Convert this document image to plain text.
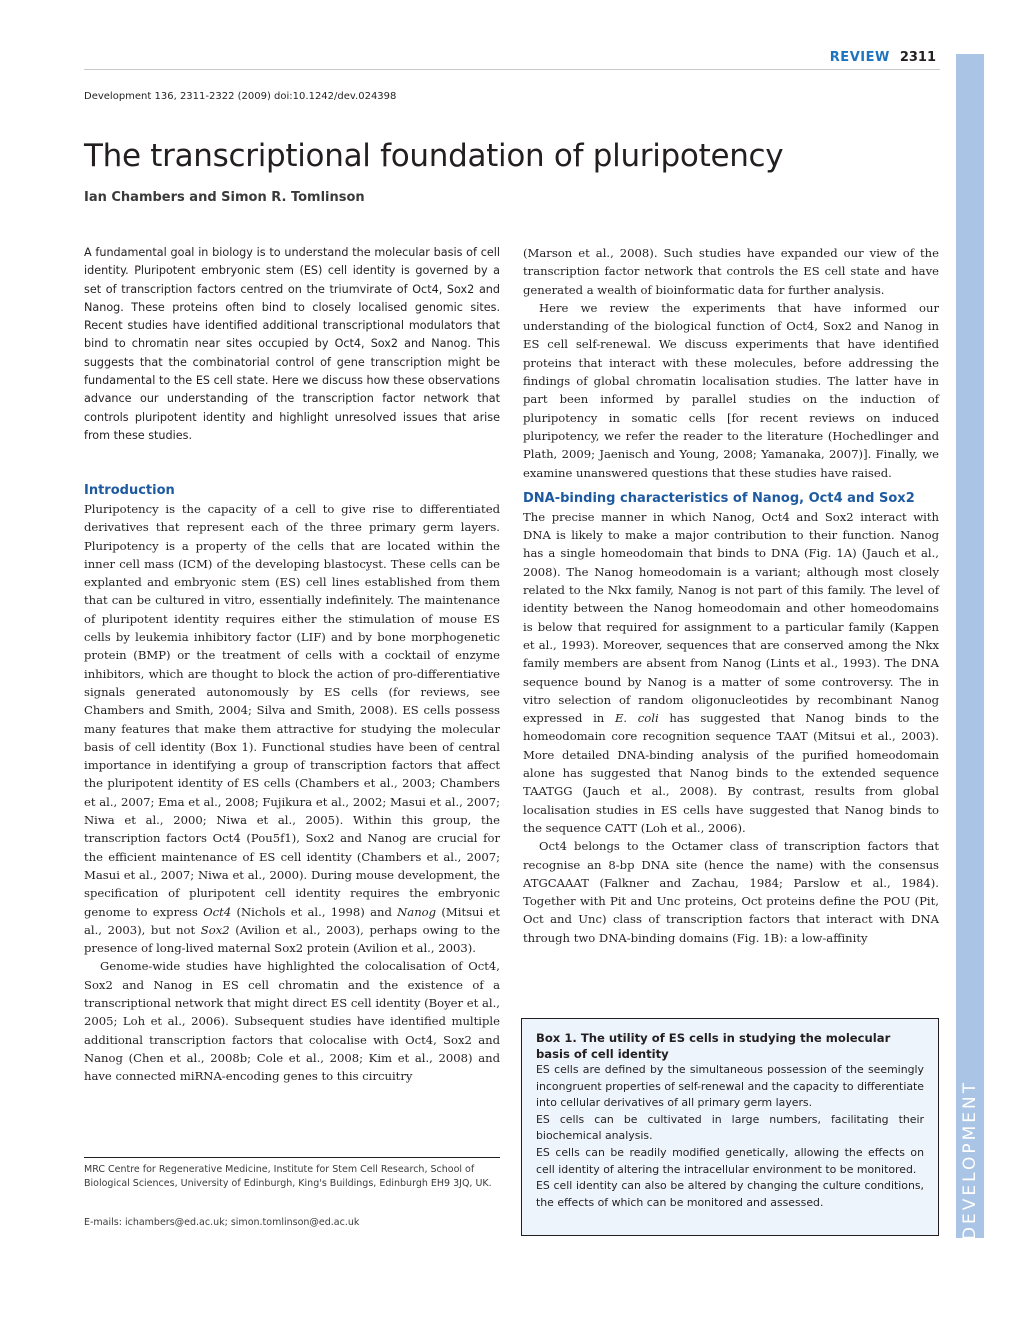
REVIEW 2311
DEVELOPMENT
Development 136, 2311-2322 (2009) doi:10.1242/dev.024398
The transcriptional foundation of pluripotency
Ian Chambers and Simon R. Tomlinson

A fundamental goal in biology is to understand the molecular basis of cell identity. Pluripotent embryonic stem (ES) cell identity is governed by a set of transcription factors centred on the triumvirate of Oct4, Sox2 and Nanog. These proteins often bind to closely localised genomic sites. Recent studies have identified additional transcriptional modulators that bind to chromatin near sites occupied by Oct4, Sox2 and Nanog. This suggests that the combinatorial control of gene transcription might be fundamental to the ES cell state. Here we discuss how these observations advance our understanding of the transcription factor network that controls pluripotent identity and highlight unresolved issues that arise from these studies.

Introduction

Pluripotency is the capacity of a cell to give rise to differentiated derivatives that represent each of the three primary germ layers. Pluripotency is a property of the cells that are located within the inner cell mass (ICM) of the developing blastocyst. These cells can be explanted and embryonic stem (ES) cell lines established from them that can be cultured in vitro, essentially indefinitely. The maintenance of pluripotent identity requires either the stimulation of mouse ES cells by leukemia inhibitory factor (LIF) and by bone morphogenetic protein (BMP) or the treatment of cells with a cocktail of enzyme inhibitors, which are thought to block the action of pro-differentiative signals generated autonomously by ES cells (for reviews, see Chambers and Smith, 2004; Silva and Smith, 2008). ES cells possess many features that make them attractive for studying the molecular basis of cell identity (Box 1). Functional studies have been of central importance in identifying a group of transcription factors that affect the pluripotent identity of ES cells (Chambers et al., 2003; Chambers et al., 2007; Ema et al., 2008; Fujikura et al., 2002; Masui et al., 2007; Niwa et al., 2000; Niwa et al., 2005). Within this group, the transcription factors Oct4 (Pou5f1), Sox2 and Nanog are crucial for the efficient maintenance of ES cell identity (Chambers et al., 2007; Masui et al., 2007; Niwa et al., 2000). During mouse development, the specification of pluripotent cell identity requires the embryonic genome to express Oct4 (Nichols et al., 1998) and Nanog (Mitsui et al., 2003), but not Sox2 (Avilion et al., 2003), perhaps owing to the presence of long-lived maternal Sox2 protein (Avilion et al., 2003).

Genome-wide studies have highlighted the colocalisation of Oct4, Sox2 and Nanog in ES cell chromatin and the existence of a transcriptional network that might direct ES cell identity (Boyer et al., 2005; Loh et al., 2006). Subsequent studies have identified multiple additional transcription factors that colocalise with Oct4, Sox2 and Nanog (Chen et al., 2008b; Cole et al., 2008; Kim et al., 2008) and have connected miRNA-encoding genes to this circuitry

MRC Centre for Regenerative Medicine, Institute for Stem Cell Research, School of Biological Sciences, University of Edinburgh, King's Buildings, Edinburgh EH9 3JQ, UK.
E-mails: ichambers@ed.ac.uk; simon.tomlinson@ed.ac.uk

(Marson et al., 2008). Such studies have expanded our view of the transcription factor network that controls the ES cell state and have generated a wealth of bioinformatic data for further analysis.

Here we review the experiments that have informed our understanding of the biological function of Oct4, Sox2 and Nanog in ES cell self-renewal. We discuss experiments that have identified proteins that interact with these molecules, before addressing the findings of global chromatin localisation studies. The latter have in part been informed by parallel studies on the induction of pluripotency in somatic cells [for recent reviews on induced pluripotency, we refer the reader to the literature (Hochedlinger and Plath, 2009; Jaenisch and Young, 2008; Yamanaka, 2007)]. Finally, we examine unanswered questions that these studies have raised.

DNA-binding characteristics of Nanog, Oct4 and Sox2

The precise manner in which Nanog, Oct4 and Sox2 interact with DNA is likely to make a major contribution to their function. Nanog has a single homeodomain that binds to DNA (Fig. 1A) (Jauch et al., 2008). The Nanog homeodomain is a variant; although most closely related to the Nkx family, Nanog is not part of this family. The level of identity between the Nanog homeodomain and other homeodomains is below that required for assignment to a particular family (Kappen et al., 1993). Moreover, sequences that are conserved among the Nkx family members are absent from Nanog (Lints et al., 1993). The DNA sequence bound by Nanog is a matter of some controversy. The in vitro selection of random oligonucleotides by recombinant Nanog expressed in E. coli has suggested that Nanog binds to the homeodomain core recognition sequence TAAT (Mitsui et al., 2003). More detailed DNA-binding analysis of the purified homeodomain alone has suggested that Nanog binds to the extended sequence TAATGG (Jauch et al., 2008). By contrast, results from global localisation studies in ES cells have suggested that Nanog binds to the sequence CATT (Loh et al., 2006).

Oct4 belongs to the Octamer class of transcription factors that recognise an 8-bp DNA site (hence the name) with the consensus ATGCAAAT (Falkner and Zachau, 1984; Parslow et al., 1984). Together with Pit and Unc proteins, Oct proteins define the POU (Pit, Oct and Unc) class of transcription factors that interact with DNA through two DNA-binding domains (Fig. 1B): a low-affinity

Box 1. The utility of ES cells in studying the molecular basis of cell identity

ES cells are defined by the simultaneous possession of the seemingly incongruent properties of self-renewal and the capacity to differentiate into cellular derivatives of all primary germ layers.

ES cells can be cultivated in large numbers, facilitating their biochemical analysis.

ES cells can be readily modified genetically, allowing the effects on cell identity of altering the intracellular environment to be monitored.

ES cell identity can also be altered by changing the culture conditions, the effects of which can be monitored and assessed.
